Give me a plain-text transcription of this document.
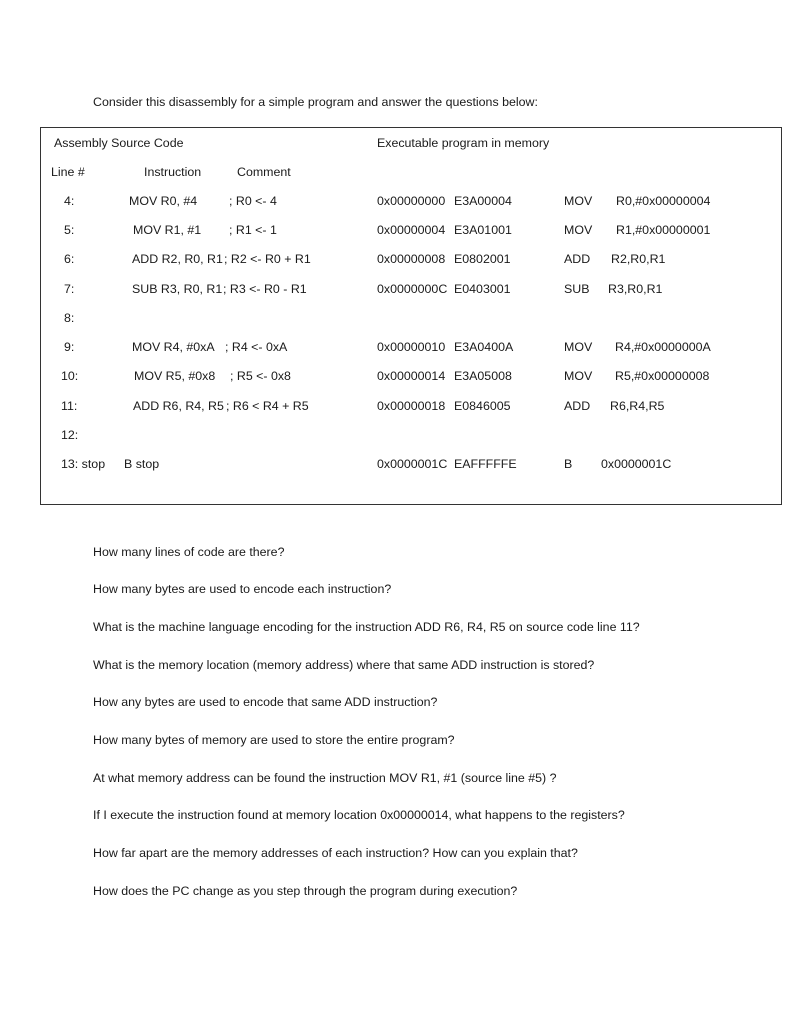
Consider this disassembly for a simple program and answer the questions below:
Assembly Source Code	Executable program in memory
Line #	Instruction	Comment
4:	MOV R0, #4	; R0 <- 4	0x00000000 E3A00004	MOV R0,#0x00000004
5:	MOV R1, #1 ; R1 <- 1	0x00000004 E3A01001	MOV R1,#0x00000001
6:	ADD R2, R0, R1 ; R2 <- R0 + R1	0x00000008 E0802001	ADD R2,R0,R1
7:	SUB R3, R0, R1 ; R3 <- R0 - R1	0x0000000C E0403001	SUB R3,R0,R1
8:
9:	MOV R4, #0xA ; R4 <- 0xA	0x00000010 E3A0400A	MOV R4,#0x0000000A
10:	MOV R5, #0x8 ; R5 <- 0x8	0x00000014 E3A05008	MOV R5,#0x00000008
11:	ADD R6, R4, R5 ; R6 < R4 + R5	0x00000018 E0846005	ADD R6,R4,R5
12:
13: stop B stop	0x0000001C EAFFFFFE	B 0x0000001C
How many lines of code are there?
How many bytes are used to encode each instruction?
What is the machine language encoding for the instruction ADD R6, R4, R5 on source code line 11?
What is the memory location (memory address) where that same ADD instruction is stored?
How any bytes are used to encode that same ADD instruction?
How many bytes of memory are used to store the entire program?
At what memory address can be found the instruction MOV R1, #1 (source line #5) ?
If I execute the instruction found at memory location 0x00000014, what happens to the registers?
How far apart are the memory addresses of each instruction? How can you explain that?
How does the PC change as you step through the program during execution?
